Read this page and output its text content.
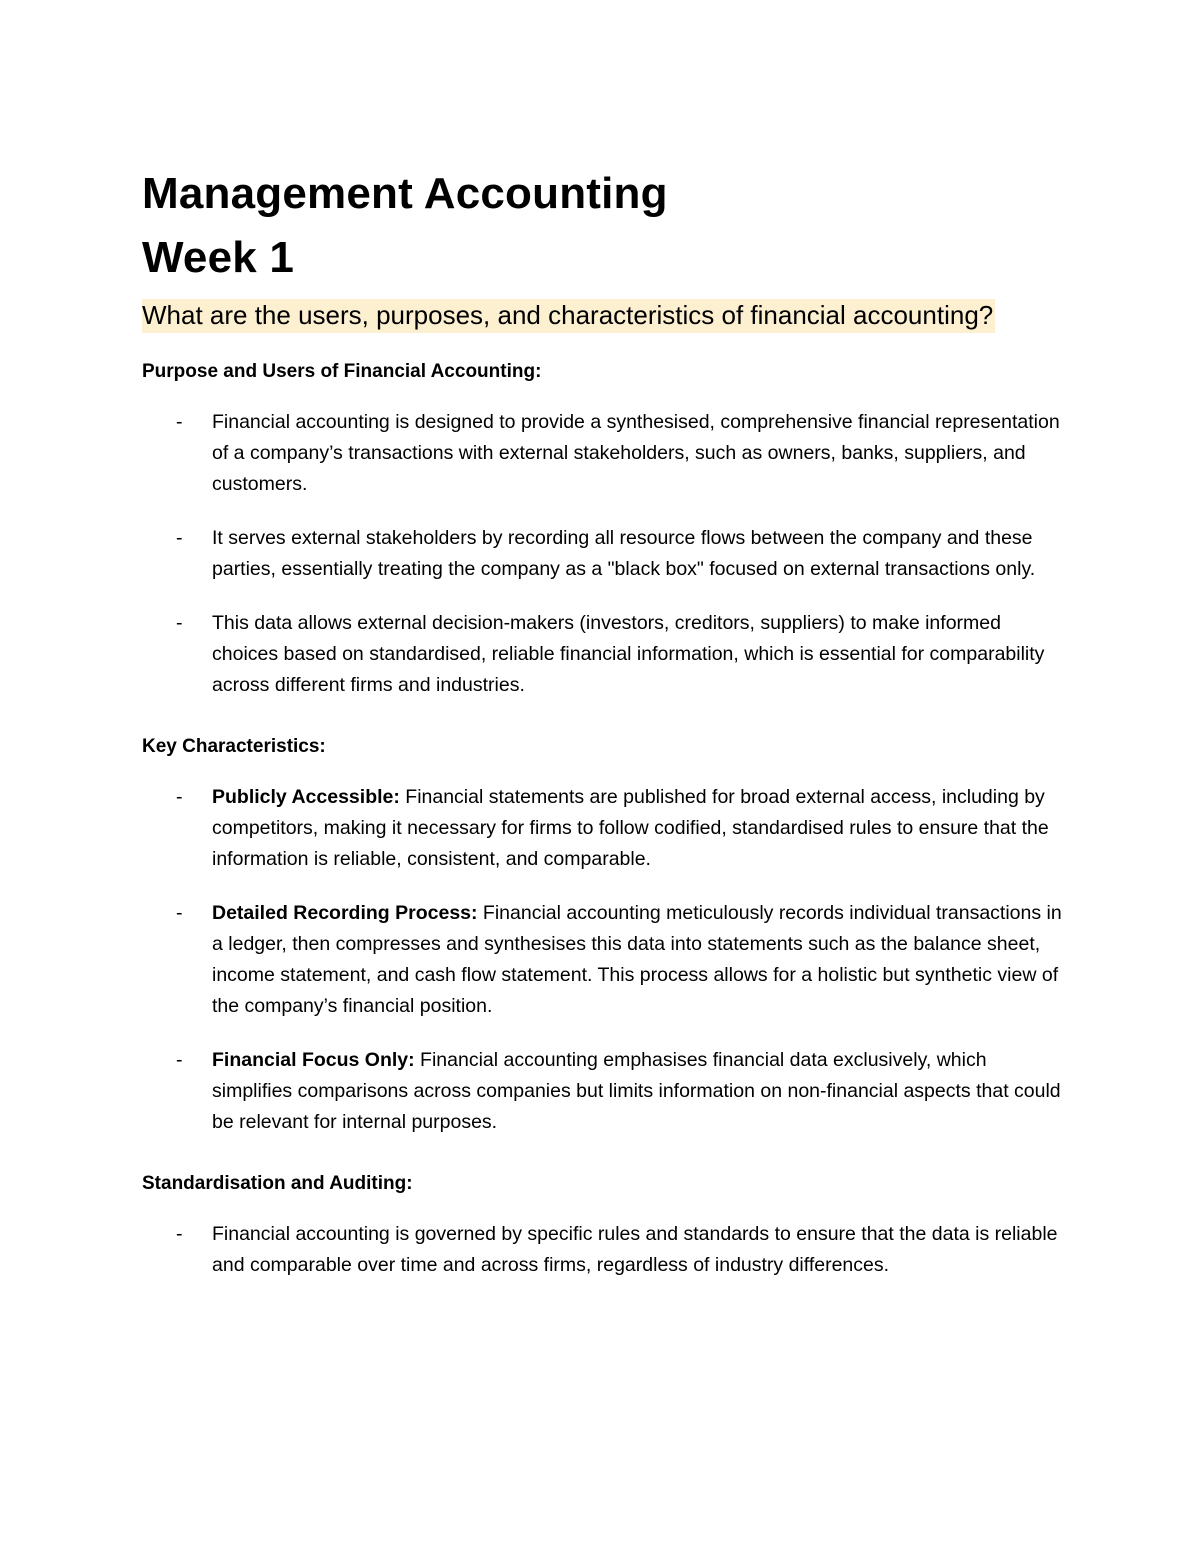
Management Accounting
Week 1

What are the users, purposes, and characteristics of financial accounting?

Purpose and Users of Financial Accounting:

- Financial accounting is designed to provide a synthesised, comprehensive financial representation of a company’s transactions with external stakeholders, such as owners, banks, suppliers, and customers.
- It serves external stakeholders by recording all resource flows between the company and these parties, essentially treating the company as a "black box" focused on external transactions only.
- This data allows external decision-makers (investors, creditors, suppliers) to make informed choices based on standardised, reliable financial information, which is essential for comparability across different firms and industries.

Key Characteristics:

- Publicly Accessible: Financial statements are published for broad external access, including by competitors, making it necessary for firms to follow codified, standardised rules to ensure that the information is reliable, consistent, and comparable.
- Detailed Recording Process: Financial accounting meticulously records individual transactions in a ledger, then compresses and synthesises this data into statements such as the balance sheet, income statement, and cash flow statement. This process allows for a holistic but synthetic view of the company’s financial position.
- Financial Focus Only: Financial accounting emphasises financial data exclusively, which simplifies comparisons across companies but limits information on non-financial aspects that could be relevant for internal purposes.

Standardisation and Auditing:

- Financial accounting is governed by specific rules and standards to ensure that the data is reliable and comparable over time and across firms, regardless of industry differences.
